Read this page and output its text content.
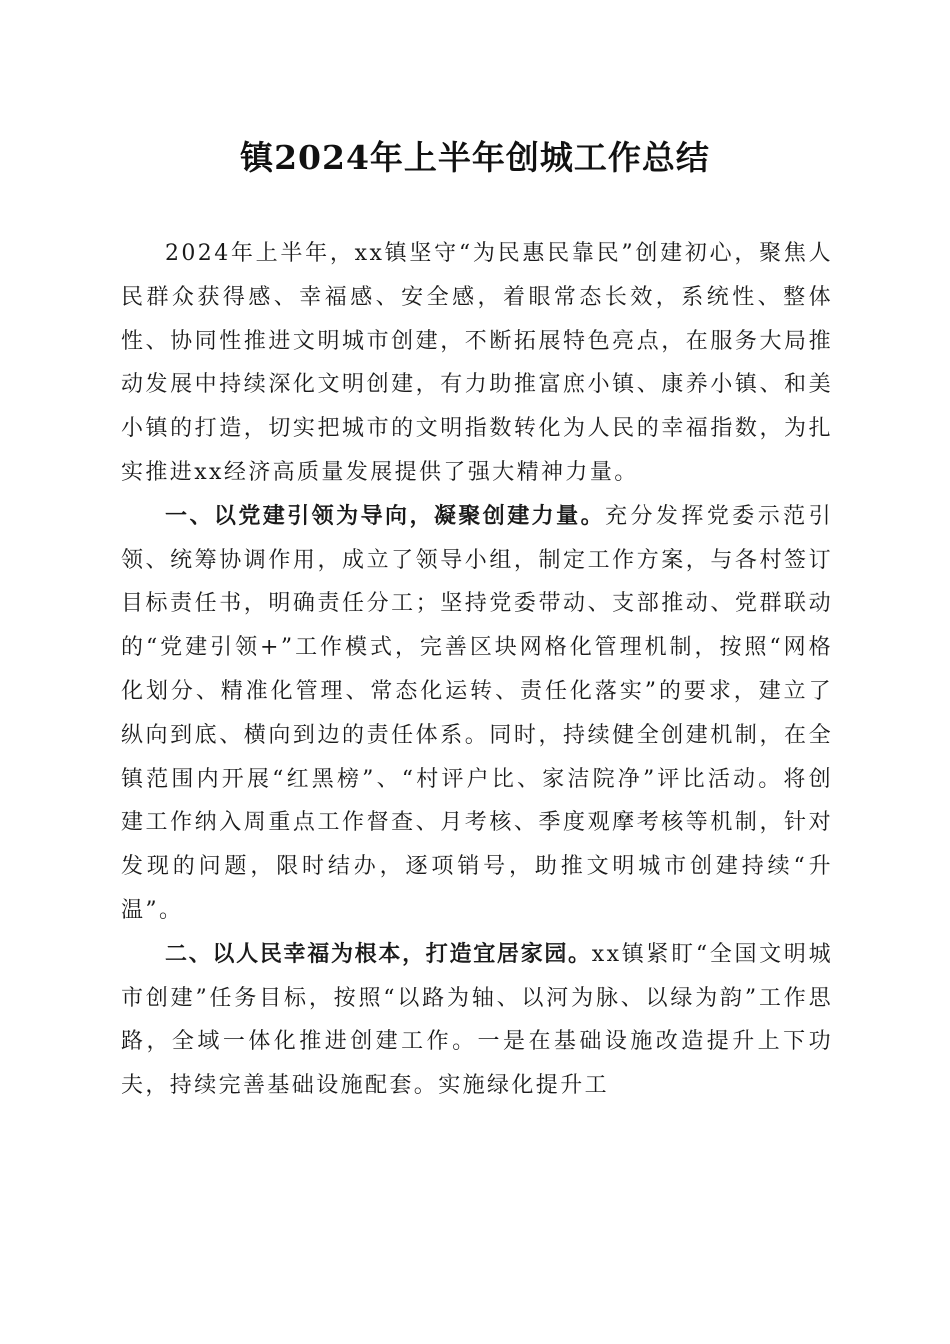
镇2024年上半年创城工作总结

2024年上半年，xx镇坚守“为民惠民靠民”创建初心，聚焦人民群众获得感、幸福感、安全感，着眼常态长效，系统性、整体性、协同性推进文明城市创建，不断拓展特色亮点，在服务大局推动发展中持续深化文明创建，有力助推富庶小镇、康养小镇、和美小镇的打造，切实把城市的文明指数转化为人民的幸福指数，为扎实推进xx经济高质量发展提供了强大精神力量。

一、以党建引领为导向，凝聚创建力量。充分发挥党委示范引领、统筹协调作用，成立了领导小组，制定工作方案，与各村签订目标责任书，明确责任分工；坚持党委带动、支部推动、党群联动的“党建引领+”工作模式，完善区块网格化管理机制，按照“网格化划分、精准化管理、常态化运转、责任化落实”的要求，建立了纵向到底、横向到边的责任体系。同时，持续健全创建机制，在全镇范围内开展“红黑榜”、“村评户比、家洁院净”评比活动。将创建工作纳入周重点工作督查、月考核、季度观摩考核等机制，针对发现的问题，限时结办，逐项销号，助推文明城市创建持续“升温”。

二、以人民幸福为根本，打造宜居家园。xx镇紧盯“全国文明城市创建”任务目标，按照“以路为轴、以河为脉、以绿为韵”工作思路，全域一体化推进创建工作。一是在基础设施改造提升上下功夫，持续完善基础设施配套。实施绿化提升工
